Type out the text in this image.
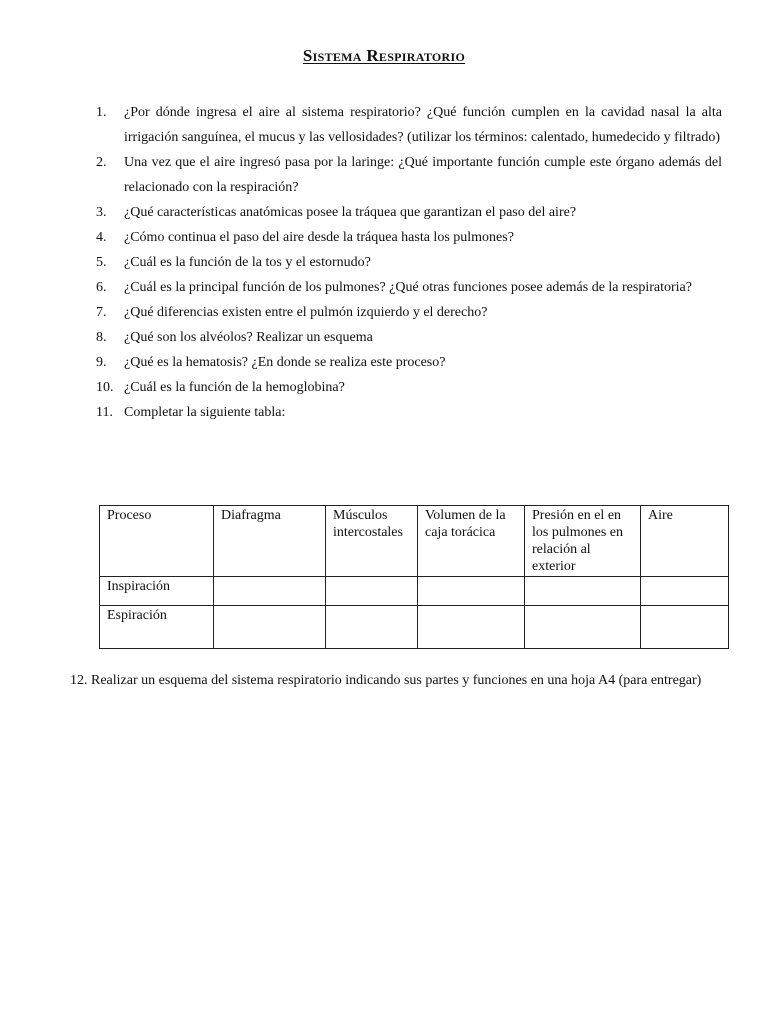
Sistema Respiratorio
1.	¿Por dónde ingresa el aire al sistema respiratorio? ¿Qué función cumplen en la cavidad nasal la alta irrigación sanguínea, el mucus y las vellosidades? (utilizar los términos: calentado, humedecido y filtrado)
2.	Una vez que el aire ingresó pasa por la laringe: ¿Qué importante función cumple este órgano además del relacionado con la respiración?
3.	¿Qué características anatómicas posee la tráquea que garantizan el paso del aire?
4.	¿Cómo continua el paso del aire desde la tráquea hasta los pulmones?
5.	¿Cuál es la función de la tos y el estornudo?
6.	¿Cuál es la principal función de los pulmones? ¿Qué otras funciones posee además de la respiratoria?
7.	¿Qué diferencias existen entre el pulmón izquierdo y el derecho?
8.	¿Qué son los alvéolos? Realizar un esquema
9.	¿Qué es la hematosis? ¿En donde se realiza este proceso?
10. ¿Cuál es la función de la hemoglobina?
11. Completar la siguiente tabla:
Proceso	Diafragma	Músculos intercostales	Volumen de la caja torácica	Presión en el en los pulmones en relación al exterior	Aire
Inspiración					
Espiración					
12. Realizar un esquema del sistema respiratorio indicando sus partes y funciones en una hoja A4 (para entregar)
